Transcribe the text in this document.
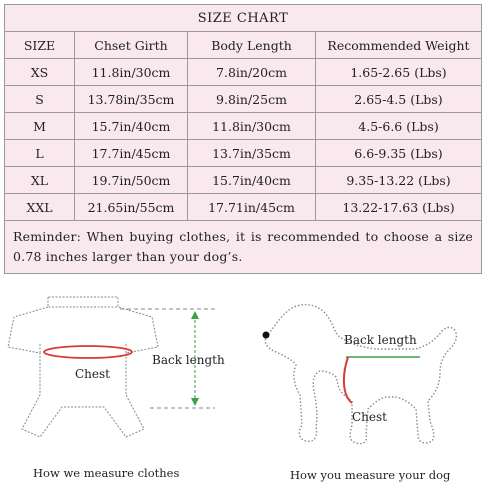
SIZE CHART
SIZE	Chset Girth	Body Length	Recommended Weight
XS	11.8in/30cm	7.8in/20cm	1.65-2.65 (Lbs)
S	13.78in/35cm	9.8in/25cm	2.65-4.5 (Lbs)
M	15.7in/40cm	11.8in/30cm	4.5-6.6 (Lbs)
L	17.7in/45cm	13.7in/35cm	6.6-9.35 (Lbs)
XL	19.7in/50cm	15.7in/40cm	9.35-13.22 (Lbs)
XXL	21.65in/55cm	17.71in/45cm	13.22-17.63 (Lbs)
Reminder: When buying clothes, it is recommended to choose a size 0.78 inches larger than your dog’s.
Chest
Back length
How we measure clothes
Back length
Chest
How you measure your dog
